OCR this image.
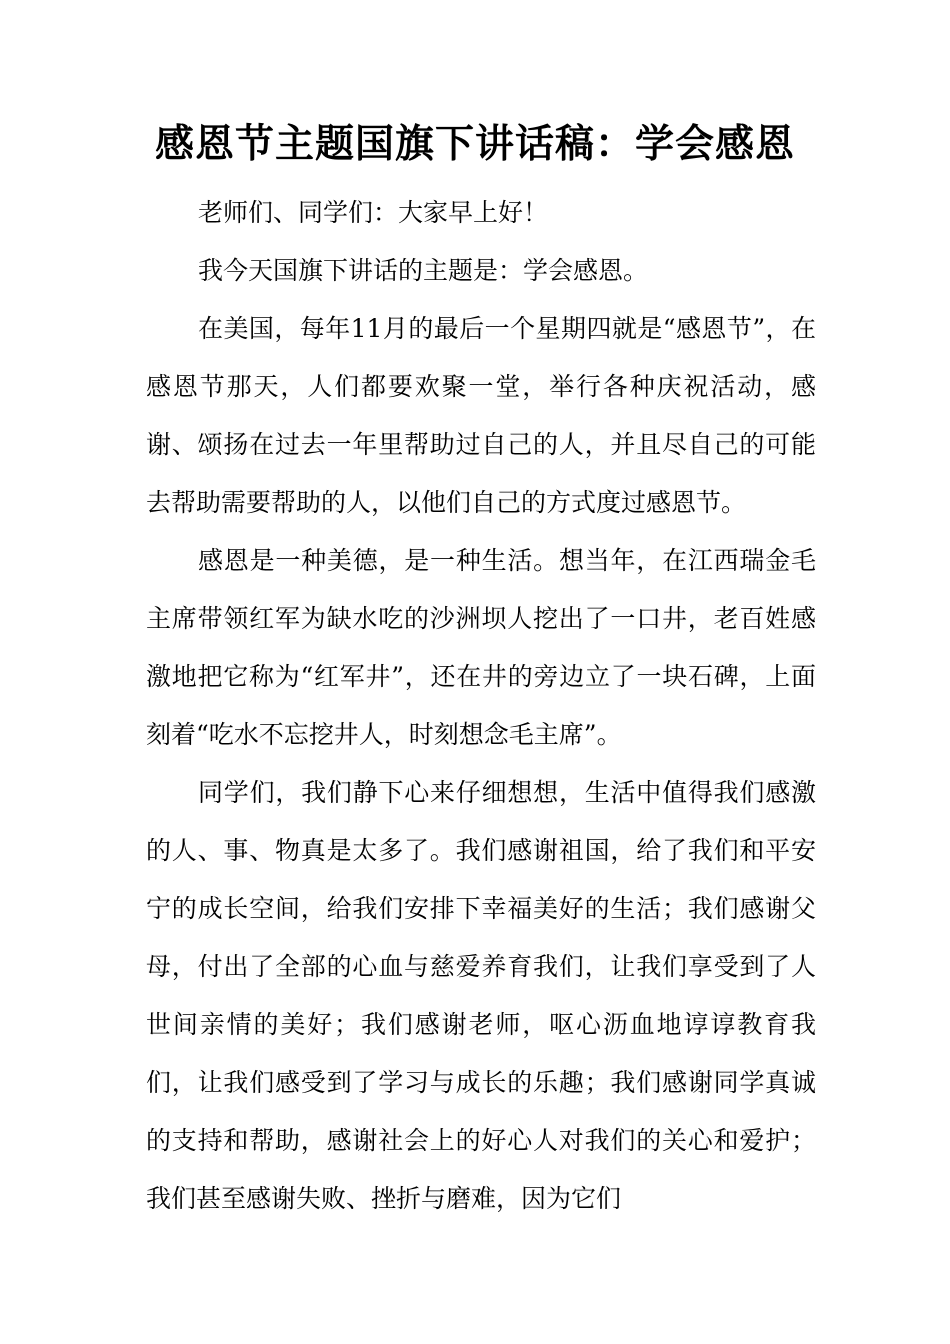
感恩节主题国旗下讲话稿：学会感恩

老师们、同学们：大家早上好！

我今天国旗下讲话的主题是：学会感恩。

在美国，每年11月的最后一个星期四就是“感恩节”，在感恩节那天，人们都要欢聚一堂，举行各种庆祝活动，感谢、颂扬在过去一年里帮助过自己的人，并且尽自己的可能去帮助需要帮助的人，以他们自己的方式度过感恩节。

感恩是一种美德，是一种生活。想当年，在江西瑞金毛主席带领红军为缺水吃的沙洲坝人挖出了一口井，老百姓感激地把它称为“红军井”，还在井的旁边立了一块石碑，上面刻着“吃水不忘挖井人，时刻想念毛主席”。

同学们，我们静下心来仔细想想，生活中值得我们感激的人、事、物真是太多了。我们感谢祖国，给了我们和平安宁的成长空间，给我们安排下幸福美好的生活；我们感谢父母，付出了全部的心血与慈爱养育我们，让我们享受到了人世间亲情的美好；我们感谢老师，呕心沥血地谆谆教育我们，让我们感受到了学习与成长的乐趣；我们感谢同学真诚的支持和帮助，感谢社会上的好心人对我们的关心和爱护；我们甚至感谢失败、挫折与磨难，因为它们
